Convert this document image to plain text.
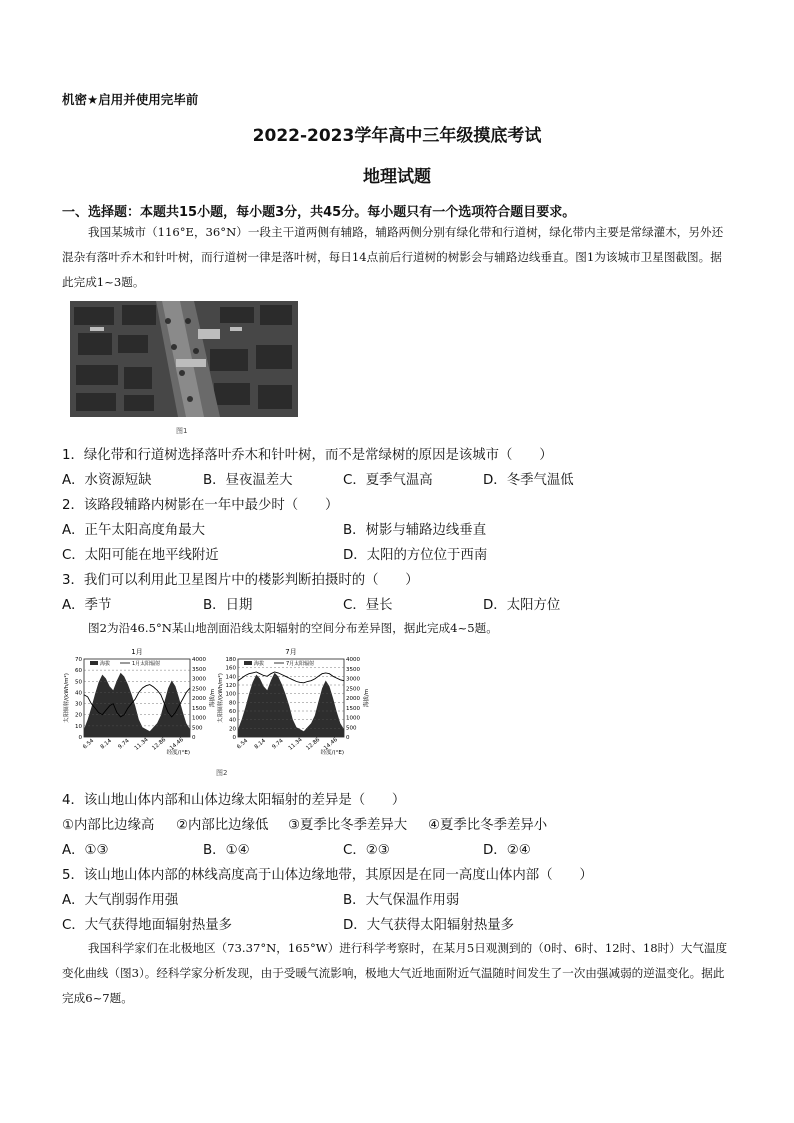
机密★启用并使用完毕前
2022-2023学年高中三年级摸底考试
地理试题
一、选择题：本题共15小题，每小题3分，共45分。每小题只有一个选项符合题目要求。
我国某城市（116°E，36°N）一段主干道两侧有辅路，辅路两侧分别有绿化带和行道树，绿化带内主要是常绿灌木，另外还混杂有落叶乔木和针叶树，而行道树一律是落叶树，每日14点前后行道树的树影会与辅路边线垂直。图1为该城市卫星图截图。据此完成1~3题。
图1
1．绿化带和行道树选择落叶乔木和针叶树，而不是常绿树的原因是该城市（　　）
A．水资源短缺	B．昼夜温差大	C．夏季气温高	D．冬季气温低
2．该路段辅路内树影在一年中最少时（　　）
A．正午太阳高度角最大	B．树影与辅路边线垂直
C．太阳可能在地平线附近	D．太阳的方位位于西南
3．我们可以利用此卫星图片中的楼影判断拍摄时的（　　）
A．季节	B．日期	C．昼长	D．太阳方位
图2为沿46.5°N某山地剖面沿线太阳辐射的空间分布差异图，据此完成4~5题。
1月
0
10
20
30
40
50
60
70
0
500
1000
1500
2000
2500
3000
3500
4000
6.54 8.14 9.74 11.34 12.86 14.46
太阳辐射/(kWh/m²)	海拔/m
经度/(°E)
海拔	1月太阳辐射
7月
0
20
40
60
80
100
120
140
160
180
0
500
1000
1500
2000
2500
3000
3500
4000
6.54 8.14 9.74 11.34 12.86 14.46
太阳辐射/(kWh/m²)	海拔/m
经度/(°E)
海拔	7月太阳辐射
图2
4．该山地山体内部和山体边缘太阳辐射的差异是（　　）
①内部比边缘高 ②内部比边缘低 ③夏季比冬季差异大 ④夏季比冬季差异小
A．①③	B．①④	C．②③	D．②④
5．该山地山体内部的林线高度高于山体边缘地带，其原因是在同一高度山体内部（　　）
A．大气削弱作用强	B．大气保温作用弱
C．大气获得地面辐射热量多	D．大气获得太阳辐射热量多
我国科学家们在北极地区（73.37°N，165°W）进行科学考察时，在某月5日观测到的（0时、6时、12时、18时）大气温度变化曲线（图3）。经科学家分析发现，由于受暖气流影响，极地大气近地面附近气温随时间发生了一次由强减弱的逆温变化。据此完成6~7题。
